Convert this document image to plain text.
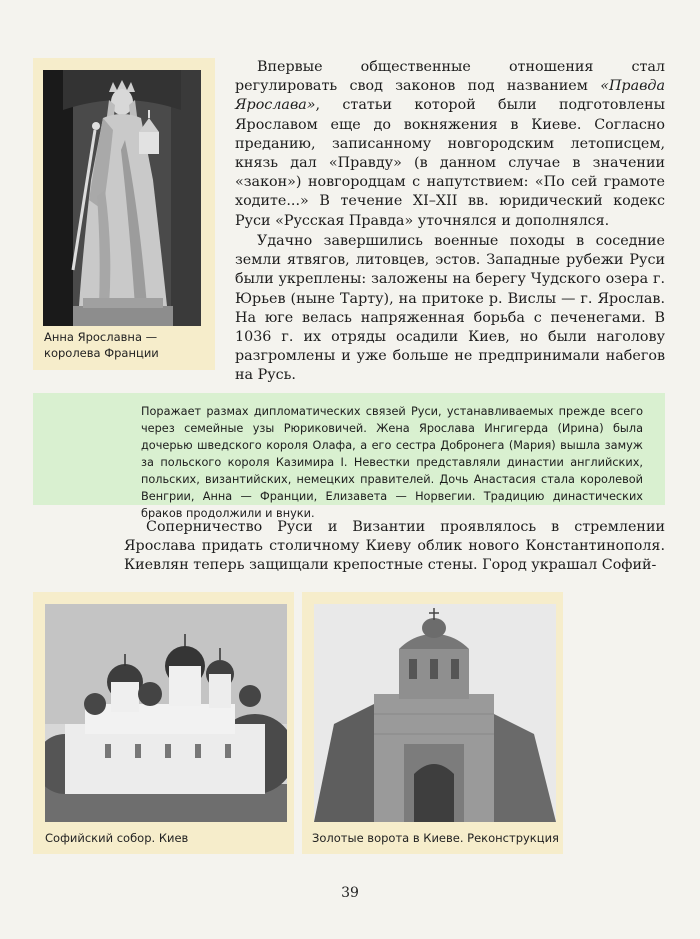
Анна Ярославна —
королева Франции

Впервые общественные отношения стал регулировать свод законов под названием «Правда Ярослава», статьи которой были подготовлены Ярославом еще до вокняжения в Киеве. Согласно преданию, записанному новгородским летописцем, князь дал «Правду» (в данном случае в значении «закон») новгородцам с напутствием: «По сей грамоте ходите...» В течение XI–XII вв. юридический кодекс Руси «Русская Правда» уточнялся и дополнялся.

Удачно завершились военные походы в соседние земли ятвягов, литовцев, эстов. Западные рубежи Руси были укреплены: заложены на берегу Чудского озера г. Юрьев (ныне Тарту), на притоке р. Вислы — г. Ярослав. На юге велась напряженная борьба с печенегами. В 1036 г. их отряды осадили Киев, но были наголову разгромлены и уже больше не предпринимали набегов на Русь.

Поражает размах дипломатических связей Руси, устанавливаемых прежде всего через семейные узы Рюриковичей. Жена Ярослава Ингигерда (Ирина) была дочерью шведского короля Олафа, а его сестра Добронега (Мария) вышла замуж за польского короля Казимира I. Невестки представляли династии английских, польских, византийских, немецких правителей. Дочь Анастасия стала королевой Венгрии, Анна — Франции, Елизавета — Норвегии. Традицию династических браков продолжили и внуки.

Соперничество Руси и Византии проявлялось в стремлении Ярослава придать столичному Киеву облик нового Константинополя. Киевлян теперь защищали крепостные стены. Город украшал Софий-

Софийский собор. Киев	Золотые ворота в Киеве. Реконструкция
39
